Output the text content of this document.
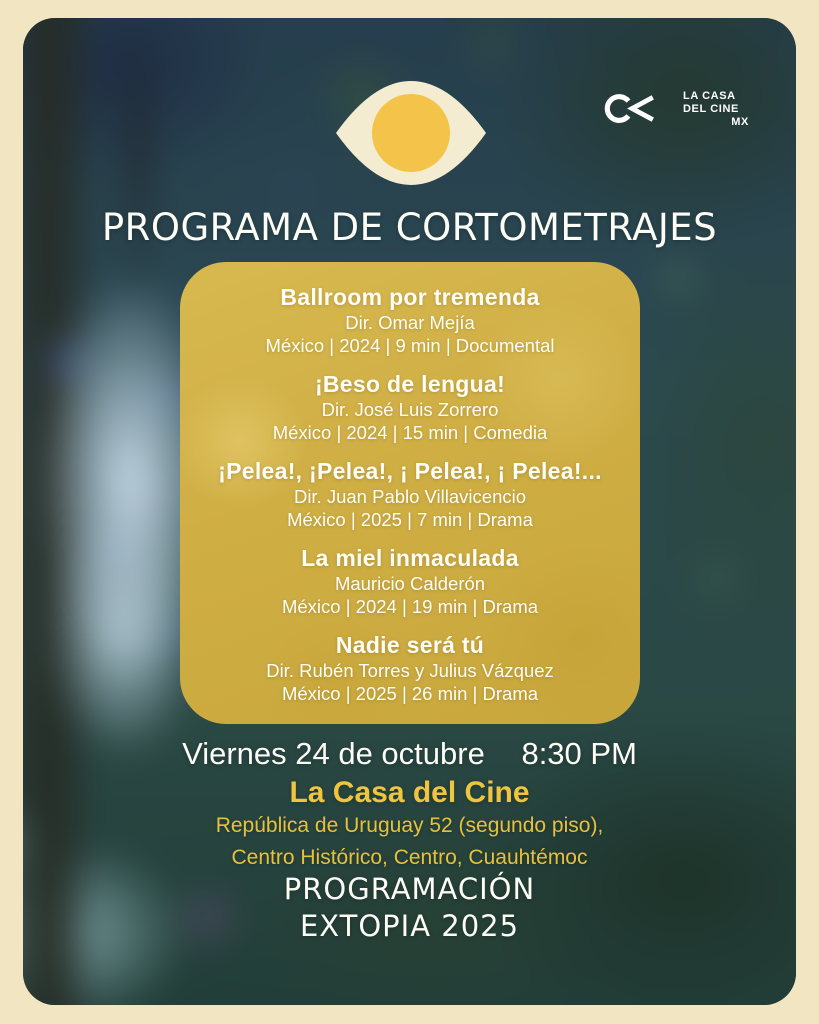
LA CASA
DEL CINE
MX
PROGRAMA DE CORTOMETRAJES
Ballroom por tremenda
Dir. Omar Mejía
México | 2024 | 9 min | Documental
¡Beso de lengua!
Dir. José Luis Zorrero
México | 2024 | 15 min | Comedia
¡Pelea!, ¡Pelea!, ¡ Pelea!, ¡ Pelea!...
Dir. Juan Pablo Villavicencio
México | 2025 | 7 min | Drama
La miel inmaculada
Mauricio Calderón
México | 2024 | 19 min | Drama
Nadie será tú
Dir. Rubén Torres y Julius Vázquez
México | 2025 | 26 min | Drama
Viernes 24 de octubre 8:30 PM
La Casa del Cine
República de Uruguay 52 (segundo piso),
Centro Histórico, Centro, Cuauhtémoc
PROGRAMACIÓN
EXTOPIA 2025
